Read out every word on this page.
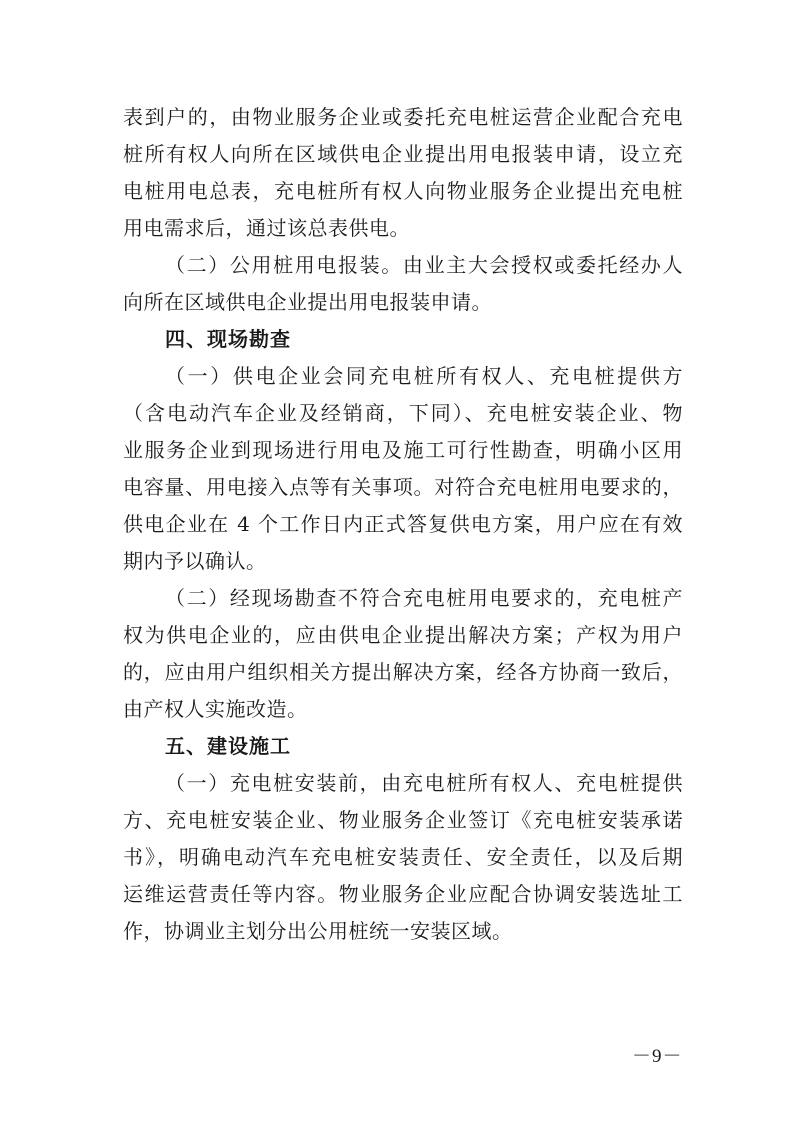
表到户的，由物业服务企业或委托充电桩运营企业配合充电
桩所有权人向所在区域供电企业提出用电报装申请，设立充
电桩用电总表，充电桩所有权人向物业服务企业提出充电桩
用电需求后，通过该总表供电。
（二）公用桩用电报装。由业主大会授权或委托经办人
向所在区域供电企业提出用电报装申请。
四、现场勘查
（一）供电企业会同充电桩所有权人、充电桩提供方
（含电动汽车企业及经销商，下同）、充电桩安装企业、物
业服务企业到现场进行用电及施工可行性勘查，明确小区用
电容量、用电接入点等有关事项。对符合充电桩用电要求的，
供电企业在 4 个工作日内正式答复供电方案，用户应在有效
期内予以确认。
（二）经现场勘查不符合充电桩用电要求的，充电桩产
权为供电企业的，应由供电企业提出解决方案；产权为用户
的，应由用户组织相关方提出解决方案，经各方协商一致后，
由产权人实施改造。
五、建设施工
（一）充电桩安装前，由充电桩所有权人、充电桩提供
方、充电桩安装企业、物业服务企业签订《充电桩安装承诺
书》，明确电动汽车充电桩安装责任、安全责任，以及后期
运维运营责任等内容。物业服务企业应配合协调安装选址工
作，协调业主划分出公用桩统一安装区域。
－9－
